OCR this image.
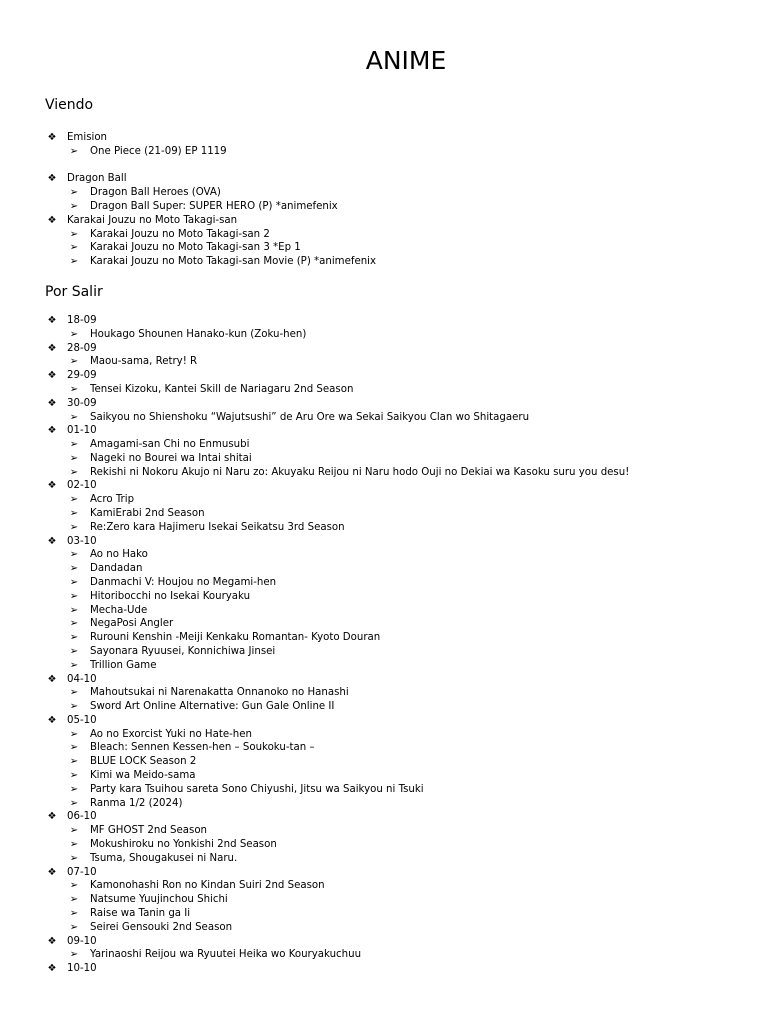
ANIME
Viendo
❖ Emision
➢ One Piece (21-09) EP 1119
❖ Dragon Ball
➢ Dragon Ball Heroes (OVA)
➢ Dragon Ball Super: SUPER HERO (P) *animefenix
❖ Karakai Jouzu no Moto Takagi-san
➢ Karakai Jouzu no Moto Takagi-san 2
➢ Karakai Jouzu no Moto Takagi-san 3 *Ep 1
➢ Karakai Jouzu no Moto Takagi-san Movie (P) *animefenix
Por Salir
❖ 18-09
➢ Houkago Shounen Hanako-kun (Zoku-hen)
❖ 28-09
➢ Maou-sama, Retry! R
❖ 29-09
➢ Tensei Kizoku, Kantei Skill de Nariagaru 2nd Season
❖ 30-09
➢ Saikyou no Shienshoku “Wajutsushi” de Aru Ore wa Sekai Saikyou Clan wo Shitagaeru
❖ 01-10
➢ Amagami-san Chi no Enmusubi
➢ Nageki no Bourei wa Intai shitai
➢ Rekishi ni Nokoru Akujo ni Naru zo: Akuyaku Reijou ni Naru hodo Ouji no Dekiai wa Kasoku suru you desu!
❖ 02-10
➢ Acro Trip
➢ KamiErabi 2nd Season
➢ Re:Zero kara Hajimeru Isekai Seikatsu 3rd Season
❖ 03-10
➢ Ao no Hako
➢ Dandadan
➢ Danmachi V: Houjou no Megami-hen
➢ Hitoribocchi no Isekai Kouryaku
➢ Mecha-Ude
➢ NegaPosi Angler
➢ Rurouni Kenshin -Meiji Kenkaku Romantan- Kyoto Douran
➢ Sayonara Ryuusei, Konnichiwa Jinsei
➢ Trillion Game
❖ 04-10
➢ Mahoutsukai ni Narenakatta Onnanoko no Hanashi
➢ Sword Art Online Alternative: Gun Gale Online II
❖ 05-10
➢ Ao no Exorcist Yuki no Hate-hen
➢ Bleach: Sennen Kessen-hen – Soukoku-tan –
➢ BLUE LOCK Season 2
➢ Kimi wa Meido-sama
➢ Party kara Tsuihou sareta Sono Chiyushi, Jitsu wa Saikyou ni Tsuki
➢ Ranma 1/2 (2024)
❖ 06-10
➢ MF GHOST 2nd Season
➢ Mokushiroku no Yonkishi 2nd Season
➢ Tsuma, Shougakusei ni Naru.
❖ 07-10
➢ Kamonohashi Ron no Kindan Suiri 2nd Season
➢ Natsume Yuujinchou Shichi
➢ Raise wa Tanin ga Ii
➢ Seirei Gensouki 2nd Season
❖ 09-10
➢ Yarinaoshi Reijou wa Ryuutei Heika wo Kouryakuchuu
❖ 10-10
